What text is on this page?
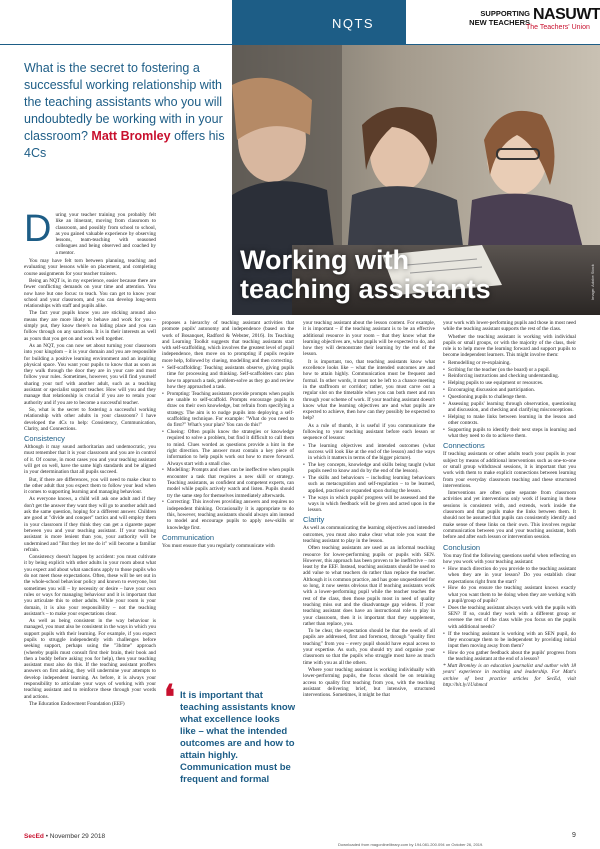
NQTS
SUPPORTING
NEW TEACHERS NASUWT
The Teachers' Union
What is the secret to fostering a successful working relationship with the teaching assistants who you will undoubtedly be working with in your classroom? Matt Bromley offers his 4Cs
Image: Adobe Stock
Working with
teaching assistants
D uring your teacher training you probably felt like an itinerant, moving from classroom to classroom, and possibly from school to school, as you gained valuable experience by observing lessons, team-teaching with seasoned colleagues and being observed and coached by a mentor.

You may have felt torn between planning, teaching and evaluating your lessons while on placement, and completing course assignments for your teacher trainers.

Being an NQT is, in my experience, easier because there are fewer conflicting demands on your time and attention. You now have but one focus: to teach. You can get to know your school and your classroom, and you can develop long-term relationships with staff and pupils alike.

The fact your pupils know you are sticking around also means they are more likely to behave and work for you – simply put, they know there's no hiding place and you can follow through on any sanctions. It is in their interests as well as yours that you get on and work well together.

As an NQT, you can now set about turning your classroom into your kingdom – it is your domain and you are responsible for building a positive learning environment and an inspiring physical space. You want your pupils to know that as soon as they walk through the door they are in your care and must follow your rules. Sometimes, however, you will find yourself sharing your turf with another adult, such as a teaching assistant or specialist support teacher. How will you and they manage that relationship is crucial if you are to retain your authority and if you are to become a successful teacher.

So, what is the secret to fostering a successful working relationship with other adults in your classroom? I have developed the 4Cs to help: Consistency, Communication, Clarity, and Connections.

Consistency

Although it may sound authoritarian and undemocratic, you must remember that it is your classroom and you are in control of it. Of course, in most cases you and your teaching assistant will get on well, have the same high standards and be aligned in your determination that all pupils succeed.

But, if there are differences, you will need to make clear to the other adult that you expect them to follow your lead when it comes to supporting learning and managing behaviour.

As everyone knows, a child will ask one adult and if they don't get the answer they want they will go to another adult and ask the same question, hoping for a different answer. Children are good at "divide and conquer" tactics and will employ them in your classroom if they think they can get a cigarette paper between you and your teaching assistant. If your teaching assistant is more lenient than you, your authority will be undermined and "But they let me do it" will become a familiar refrain.

Consistency doesn't happen by accident: you must cultivate it by being explicit with other adults in your room about what you expect and about what sanctions apply to those pupils who do not meet those expectations. Often, these will be set out in the whole-school behaviour policy and known to everyone, but sometimes you will – by necessity or desire – have your own rules or ways for managing behaviour and it is important that you articulate this to other adults. While your room is your domain, it is also your responsibility – not the teaching assistant's – to make your expectations clear.

As well as being consistent in the way behaviour is managed, you must also be consistent in the ways in which you support pupils with their learning. For example, if you expect pupils to struggle independently with challenges before seeking support, perhaps using the "3b4me" approach (whereby pupils must consult first their brain, their book and then a buddy before asking you for help), then your teaching assistant must also do this. If the teaching assistant proffers answers on first asking, they will undermine your attempts to develop independent learning. As before, it is always your responsibility to articulate your ways of working with your teaching assistant and to reinforce these through your words and actions.

The Education Endowment Foundation (EEF)

proposes a hierarchy of teaching assistant activities that promote pupils' autonomy and independence (based on the work of Bosanquet, Radford & Webster, 2016). Its Teaching and Learning Toolkit suggests that teaching assistants start with self-scaffolding, which involves the greatest level of pupil independence, then move on to prompting if pupils require more help, followed by clueing, modelling and then correcting.

• Self-scaffolding: Teaching assistants observe, giving pupils time for processing and thinking. Self-scaffolders can: plan how to approach a task, problem-solve as they go and review how they approached a task.
• Prompting: Teaching assistants provide prompts when pupils are unable to self-scaffold. Prompts encourage pupils to draw on their own knowledge, but refrain from specifying a strategy. The aim is to nudge pupils into deploying a self-scaffolding technique. For example: "What do you need to do first?" What's your plan? You can do this!"
• Clueing: Often pupils know the strategies or knowledge required to solve a problem, but find it difficult to call them to mind. Clues worded as questions provide a hint in the right direction. The answer must contain a key piece of information to help pupils work out how to move forward. Always start with a small clue.
• Modelling: Prompts and clues can be ineffective when pupils encounter a task that requires a new skill or strategy. Teaching assistants, as confident and competent experts, can model while pupils actively watch and listen. Pupils should try the same step for themselves immediately afterwards.
• Correcting: This involves providing answers and requires no independent thinking. Occasionally it is appropriate to do this, however, teaching assistants should always aim instead to model and encourage pupils to apply new-skills or knowledge first.
Communication

You must ensure that you regularly communicate with

❛ It is important that teaching assistants know what excellence looks like – what the intended outcomes are and how to attain highly. Communication must be frequent and formal

your teaching assistant about the lesson content. For example, it is important – if the teaching assistant is to be an effective additional resource in your room – that they know what the learning objectives are, what pupils will be expected to do, and how they will demonstrate their learning by the end of the lesson.

It is important, too, that teaching assistants know what excellence looks like – what the intended outcomes are and how to attain highly. Communication must be frequent and formal. In other words, it must not be left to a chance meeting in the staffroom or corridor; rather, you must carve out a regular slot on the timetable when you can both meet and run through your scheme of work. If your teaching assistant doesn't know what the learning objectives are and what pupils are expected to achieve, then how can they possibly be expected to help?

As a rule of thumb, it is useful if you communicate the following to your teaching assistant before each lesson or sequence of lessons:

• The learning objectives and intended outcomes (what success will look like at the end of the lesson) and the ways in which it matters in terms of the bigger picture).
• The key concepts, knowledge and skills being taught (what pupils need to know and do by the end of the lesson).
• The skills and behaviours – including learning behaviours such as metacognition and self-regulation – to be learned, applied, practised or expanded upon during the lesson.
• The ways in which pupils' progress will be assessed and the ways in which feedback will be given and acted upon in the lesson.
Clarity

As well as communicating the learning objectives and intended outcomes, you must also make clear what role you want the teaching assistant to play in the lesson.

Often teaching assistants are used as an informal teaching resource for lower-performing pupils or pupils with SEN. However, this approach has been proven to be ineffective – not least by the EEF. Instead, teaching assistants should be used to add value to what teachers do rather than replace the teacher. Although it is common practice, and has gone unquestioned for so long, it now seems obvious that if teaching assistants work with a lower-performing pupil while the teacher teaches the rest of the class, then those pupils most in need of quality teaching miss out and the disadvantage gap widens. If your teaching assistant does have an instructional role to play in your classroom, then it is important that they supplement, rather than replace, you.

To be clear, the expectation should be that the needs of all pupils are addressed, first and foremost, through "quality first teaching" from you – every pupil should have equal access to your expertise. As such, you should try and organise your classroom so that the pupils who struggle most have as much time with you as all the others.

Where your teaching assistant is working individually with lower-performing pupils, the focus should be on retaining access to quality first teaching from you, with the teaching assistant delivering brief, but intensive, structured interventions. Sometimes, it might be that

your work with lower-performing pupils and those in most need while the teaching assistant supports the rest of the class.

Whether the teaching assistant is working with individual pupils or small groups, or with the majority of the class, their role is to help move the learning forward and support pupils to become independent learners. This might involve them:

• Remodelling or re-explaining.
• Scribing for the teacher (on the board) or a pupil.
• Reinforcing instructions and checking understanding.
• Helping pupils to use equipment or resources.
• Encouraging discussion and participation.
• Questioning pupils to challenge them.
• Assessing pupils' learning through observation, questioning and discussion, and checking and clarifying misconceptions.
• Helping to make links between learning in the lesson and other contexts.
• Supporting pupils to identify their next steps in learning and what they need to do to achieve them.
Connections

If teaching assistants or other adults teach your pupils in your subject by means of additional interventions such as one-to-one or small group withdrawal sessions, it is important that you work with them to make explicit connections between learning from your everyday classroom teaching and these structured interventions.

Interventions are often quite separate from classroom activities and yet interventions only work if learning in these sessions is consistent with, and extends, work inside the classroom and that pupils make the links between them. It should not be assumed that pupils can consistently identify and make sense of these links on their own. This involves regular communication between you and your teaching assistant, both before and after each lesson or intervention session.

Conclusion

You may find the following questions useful when reflecting on how you work with your teaching assistant:

• How much direction do you provide to the teaching assistant when they are in your lesson? Do you establish clear expectations right from the start?
• How do you ensure the teaching assistant knows exactly what you want them to be doing when they are working with a pupil/group of pupils?
• Does the teaching assistant always work with the pupils with SEN? If so, could they work with a different group or oversee the rest of the class while you focus on the pupils with additional needs?
• If the teaching assistant is working with an SEN pupil, do they encourage them to be independent by providing initial input then moving away from them?
• How do you gather feedback about the pupils' progress from the teaching assistant at the end of a lesson?

* Matt Bromley is an education journalist and author with 18 years' experience in teaching and leadership. For Matt's archive of best practice articles for SecEd, visit http://bit.ly/1Ushmcd

SecEd • November 29 2018	9
Downloaded from magonlinelibrary.com by 194.081.200.094 on October 26, 2019.
